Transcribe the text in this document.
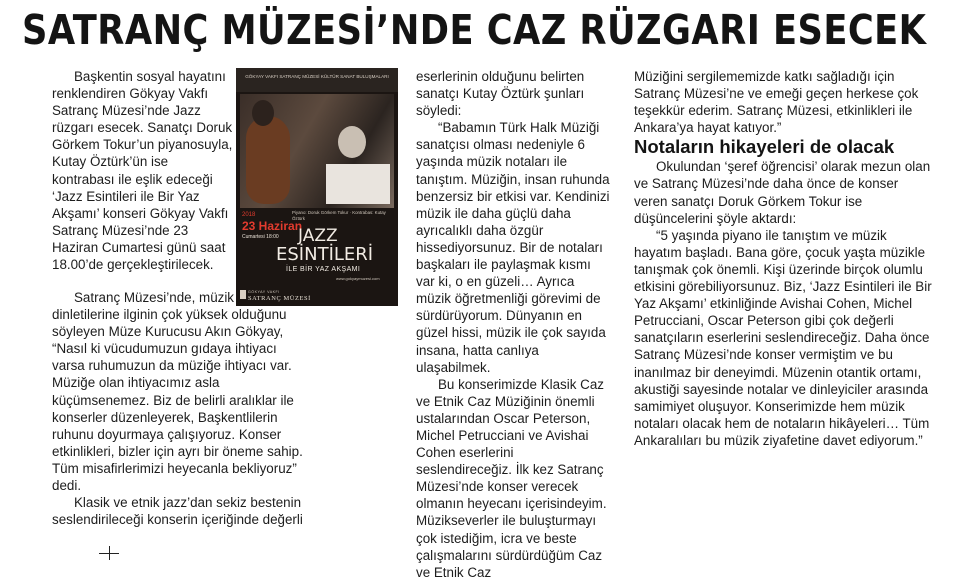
SATRANÇ MÜZESİ’NDE CAZ RÜZGARI ESECEK

Başkentin sosyal hayatını renklendiren Gökyay Vakfı Satranç Müzesi’nde Jazz rüzgarı esecek. Sanatçı Doruk Görkem Tokur’un piyanosuyla, Kutay Öztürk’ün ise kontrabası ile eşlik edeceği ‘Jazz Esintileri ile Bir Yaz Akşamı’ konseri Gökyay Vakfı Satranç Müzesi’nde 23 Haziran Cumartesi günü saat 18.00’de gerçekleştirilecek.

GÖKYAY VAKFI SATRANÇ MÜZESİ KÜLTÜR SANAT BULUŞMALARI
Piyano: Doruk Görkem Tokur · Kontrabas: Kutay Öztürk
2018
23 Haziran
Cumartesi 18:00 JAZZ
ESİNTİLERİ
İLE BİR YAZ AKŞAMI
www.gokyaymuzesi.com
GÖKYAY VAKFI
SATRANÇ MÜZESİ

Satranç Müzesi’nde, müzik dinletilerine ilginin çok yüksek olduğunu söyleyen Müze Kurucusu Akın Gökyay, “Nasıl ki vücudumuzun gıdaya ihtiyacı varsa ruhumuzun da müziğe ihtiyacı var. Müziğe olan ihtiyacımız asla küçümsenemez. Biz de belirli aralıklar ile konserler düzenleyerek, Başkentlilerin ruhunu doyurmaya çalışıyoruz. Konser etkinlikleri, bizler için ayrı bir öneme sahip. Tüm misafirlerimizi heyecanla bekliyoruz” dedi.

Klasik ve etnik jazz’dan sekiz bestenin seslendirileceği konserin içeriğinde değerli

eserlerinin olduğunu belirten sanatçı Kutay Öztürk şunları söyledi:

“Babamın Türk Halk Müziği sanatçısı olması nedeniyle 6 yaşında müzik notaları ile tanıştım. Müziğin, insan ruhunda benzersiz bir etkisi var. Kendinizi müzik ile daha güçlü daha ayrıcalıklı daha özgür hissediyorsunuz. Bir de notaları başkaları ile paylaşmak kısmı var ki, o en güzeli… Ayrıca müzik öğretmenliği görevimi de sürdürüyorum. Dünyanın en güzel hissi, müzik ile çok sayıda insana, hatta canlıya ulaşabilmek.

Bu konserimizde Klasik Caz ve Etnik Caz Müziğinin önemli ustalarından Oscar Peterson, Michel Petrucciani ve Avishai Cohen eserlerini seslendireceğiz. İlk kez Satranç Müzesi’nde konser verecek olmanın heyecanı içerisindeyim. Müzikseverler ile buluşturmayı çok istediğim, icra ve beste çalışmalarını sürdürdüğüm Caz ve Etnik Caz

Müziğini sergilememizde katkı sağladığı için Satranç Müzesi’ne ve emeği geçen herkese çok teşekkür ederim. Satranç Müzesi, etkinlikleri ile Ankara’ya hayat katıyor.”

Notaların hikayeleri de olacak

Okulundan ‘şeref öğrencisi’ olarak mezun olan ve Satranç Müzesi’nde daha önce de konser veren sanatçı Doruk Görkem Tokur ise düşüncelerini şöyle aktardı:

“5 yaşında piyano ile tanıştım ve müzik hayatım başladı. Bana göre, çocuk yaşta müzikle tanışmak çok önemli. Kişi üzerinde birçok olumlu etkisini görebiliyorsunuz. Biz, ‘Jazz Esintileri ile Bir Yaz Akşamı’ etkinliğinde Avishai Cohen, Michel Petrucciani, Oscar Peterson gibi çok değerli sanatçıların eserlerini seslendireceğiz. Daha önce Satranç Müzesi’nde konser vermiştim ve bu inanılmaz bir deneyimdi. Müzenin otantik ortamı, akustiği sayesinde notalar ve dinleyiciler arasında samimiyet oluşuyor. Konserimizde hem müzik notaları olacak hem de notaların hikâyeleri… Tüm Ankaralıları bu müzik ziyafetine davet ediyorum.”
